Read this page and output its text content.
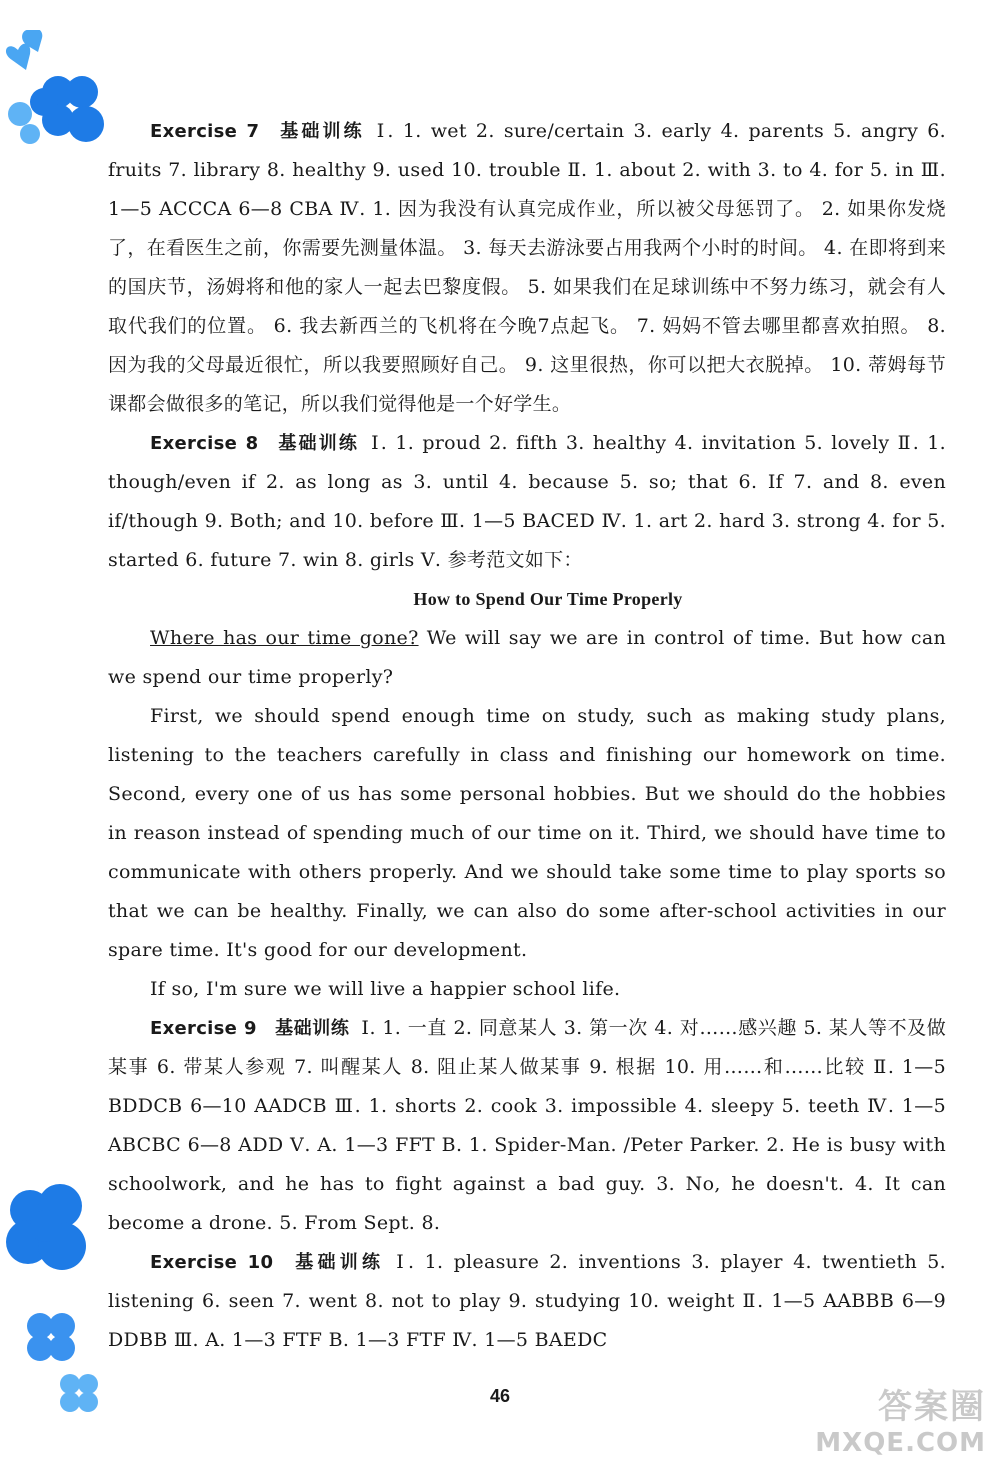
Exercise 7 基础训练 Ⅰ. 1. wet 2. sure/certain 3. early 4. parents 5. angry 6. fruits 7. library 8. healthy 9. used 10. trouble Ⅱ. 1. about 2. with 3. to 4. for 5. in Ⅲ. 1—5 ACCCA 6—8 CBA Ⅳ. 1. 因为我没有认真完成作业，所以被父母惩罚了。 2. 如果你发烧了，在看医生之前，你需要先测量体温。 3. 每天去游泳要占用我两个小时的时间。 4. 在即将到来的国庆节，汤姆将和他的家人一起去巴黎度假。 5. 如果我们在足球训练中不努力练习，就会有人取代我们的位置。 6. 我去新西兰的飞机将在今晚7点起飞。 7. 妈妈不管去哪里都喜欢拍照。 8. 因为我的父母最近很忙，所以我要照顾好自己。 9. 这里很热，你可以把大衣脱掉。 10. 蒂姆每节课都会做很多的笔记，所以我们觉得他是一个好学生。

Exercise 8 基础训练 Ⅰ. 1. proud 2. fifth 3. healthy 4. invitation 5. lovely Ⅱ. 1. though/even if 2. as long as 3. until 4. because 5. so; that 6. If 7. and 8. even if/though 9. Both; and 10. before Ⅲ. 1—5 BACED Ⅳ. 1. art 2. hard 3. strong 4. for 5. started 6. future 7. win 8. girls Ⅴ. 参考范文如下：

How to Spend Our Time Properly

Where has our time gone? We will say we are in control of time. But how can we spend our time properly?

First, we should spend enough time on study, such as making study plans, listening to the teachers carefully in class and finishing our homework on time. Second, every one of us has some personal hobbies. But we should do the hobbies in reason instead of spending much of our time on it. Third, we should have time to communicate with others properly. And we should take some time to play sports so that we can be healthy. Finally, we can also do some after-school activities in our spare time. It's good for our development.

If so, I'm sure we will live a happier school life.

Exercise 9 基础训练 Ⅰ. 1. 一直 2. 同意某人 3. 第一次 4. 对……感兴趣 5. 某人等不及做某事 6. 带某人参观 7. 叫醒某人 8. 阻止某人做某事 9. 根据 10. 用……和……比较 Ⅱ. 1—5 BDDCB 6—10 AADCB Ⅲ. 1. shorts 2. cook 3. impossible 4. sleepy 5. teeth Ⅳ. 1—5 ABCBC 6—8 ADD Ⅴ. A. 1—3 FFT B. 1. Spider-Man. /Peter Parker. 2. He is busy with schoolwork, and he has to fight against a bad guy. 3. No, he doesn't. 4. It can become a drone. 5. From Sept. 8.

Exercise 10 基础训练 Ⅰ. 1. pleasure 2. inventions 3. player 4. twentieth 5. listening 6. seen 7. went 8. not to play 9. studying 10. weight Ⅱ. 1—5 AABBB 6—9 DDBB Ⅲ. A. 1—3 FTF B. 1—3 FTF Ⅳ. 1—5 BAEDC

46	答案圈
MXQE.COM
